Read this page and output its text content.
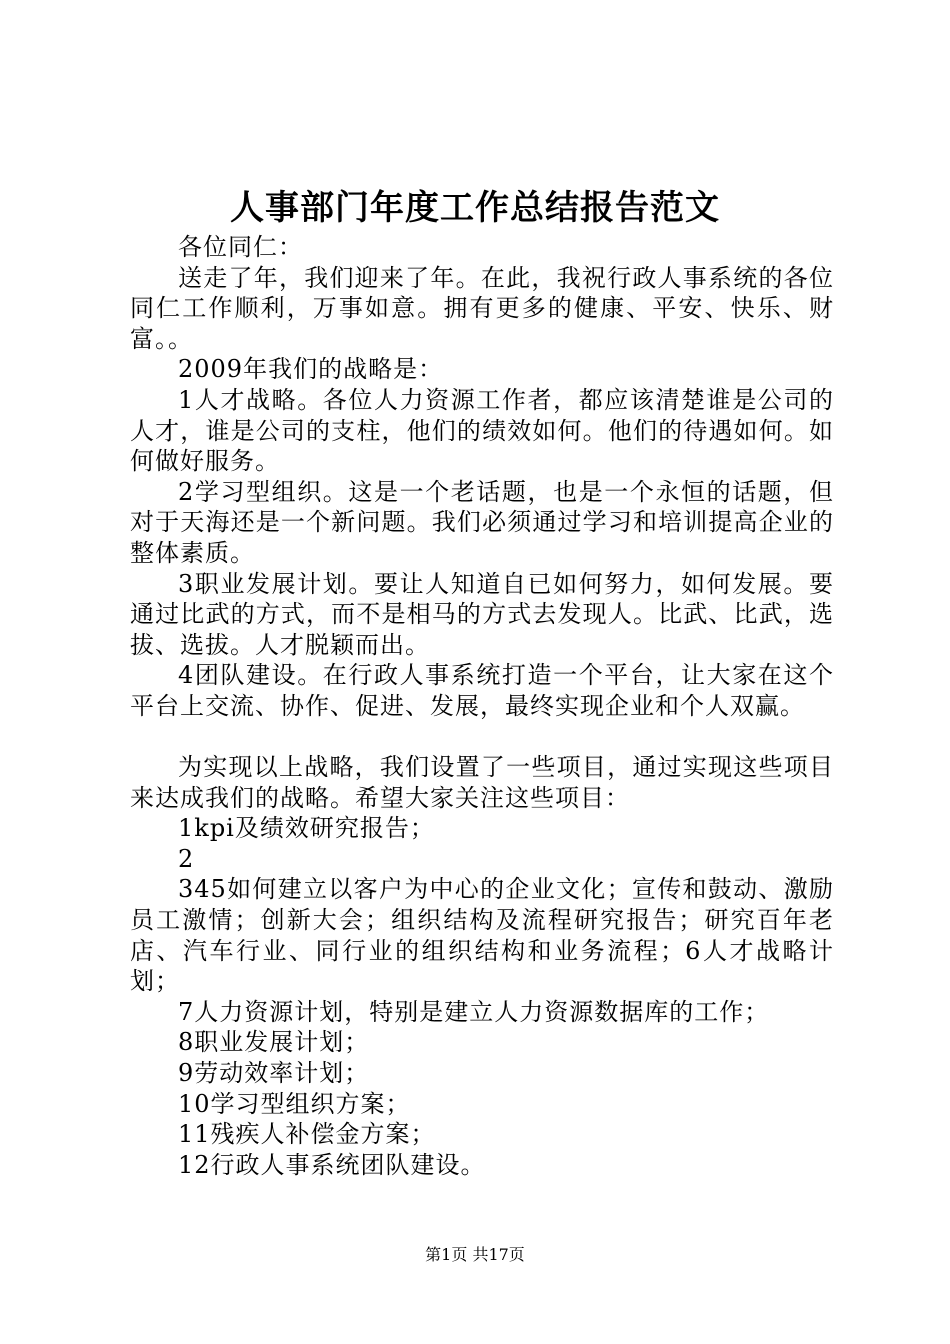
人事部门年度工作总结报告范文

各位同仁：

送走了年，我们迎来了年。在此，我祝行政人事系统的各位同仁工作顺利，万事如意。拥有更多的健康、平安、快乐、财富。。

2009年我们的战略是：

1人才战略。各位人力资源工作者，都应该清楚谁是公司的人才，谁是公司的支柱，他们的绩效如何。他们的待遇如何。如何做好服务。

2学习型组织。这是一个老话题，也是一个永恒的话题，但对于天海还是一个新问题。我们必须通过学习和培训提高企业的整体素质。

3职业发展计划。要让人知道自已如何努力，如何发展。要通过比武的方式，而不是相马的方式去发现人。比武、比武，选拔、选拔。人才脱颖而出。

4团队建设。在行政人事系统打造一个平台，让大家在这个平台上交流、协作、促进、发展，最终实现企业和个人双赢。

为实现以上战略，我们设置了一些项目，通过实现这些项目来达成我们的战略。希望大家关注这些项目：

1kpi及绩效研究报告；

2

345如何建立以客户为中心的企业文化；宣传和鼓动、激励员工激情；创新大会；组织结构及流程研究报告；研究百年老店、汽车行业、同行业的组织结构和业务流程；6人才战略计划；

7人力资源计划，特别是建立人力资源数据库的工作；

8职业发展计划；

9劳动效率计划；

10学习型组织方案；

11残疾人补偿金方案；

12行政人事系统团队建设。

第1页 共17页
